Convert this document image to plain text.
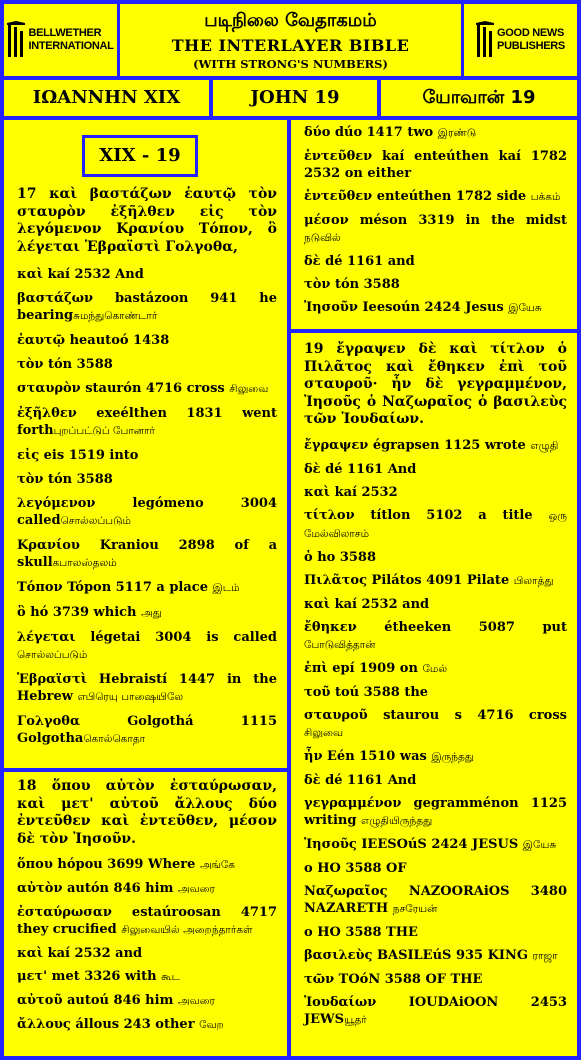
BELLWETHER
INTERNATIONAL
படிநிலை வேதாகமம்
THE INTERLAYER BIBLE
(WITH STRONG'S NUMBERS)
GOOD NEWS
PUBLISHERS
ΙΩΑΝΝΗΝ XIX	JOHN 19	யோவான் 19
XIX - 19
17 καὶ βαστάζων ἑαυτῷ τὸν σταυρὸν ἐξῆλθεν εἰς τὸν λεγόμενον Κρανίου Τόπον, ὃ λέγεται Ἑβραϊστὶ Γολγοθα,
καὶ kaí 2532 And
βαστάζων bastázoon 941 he bearingசுமந்துகொண்டார்
ἑαυτῷ heautoó 1438
τὸν tón 3588
σταυρὸν staurón 4716 cross சிலுவை
ἐξῆλθεν exeélthen 1831 went forthபுறப்பட்டுப் போனார்
εἰς eis 1519 into
τὸν tón 3588
λεγόμενον legómeno 3004 calledசொல்லப்படும்
Κρανίου Kraniou 2898 of a skullகபாலஸ்தலம்
Τόπον Tópon 5117 a place இடம்
ὃ hó 3739 which அது
λέγεται légetai 3004 is called சொல்லப்படும்
Ἑβραϊστὶ Hebraistí 1447 in the Hebrew எபிரெயு பாஷையிலே
Γολγοθα Golgothá 1115 Golgothaகொல்கொதா
18 ὅπου αὐτὸν ἐσταύρωσαν, καὶ μετ' αὐτοῦ ἄλλους δύο ἐντεῦθεν καὶ ἐντεῦθεν, μέσον δὲ τὸν Ἰησοῦν.
ὅπου hópou 3699 Where அங்கே
αὐτὸν autón 846 him அவரை
ἐσταύρωσαν estaúroosan 4717 they crucified சிலுவையில் அறைந்தார்கள்
καὶ kaí 2532 and
μετ' met 3326 with கூட
αὐτοῦ autoú 846 him அவரை
ἄλλους állous 243 other வேற
δύο dúo 1417 two இரண்டு
ἐντεῦθεν kaí enteúthen kaí 1782 2532 on either
ἐντεῦθεν enteúthen 1782 side பக்கம்
μέσον méson 3319 in the midst நடுவில்
δὲ dé 1161 and
τὸν tón 3588
Ἰησοῦν Ieesoún 2424 Jesus இயேசு
19 ἔγραψεν δὲ καὶ τίτλον ὁ Πιλᾶτος καὶ ἔθηκεν ἐπὶ τοῦ σταυροῦ· ἦν δὲ γεγραμμένον, Ἰησοῦς ὁ Ναζωραῖος ὁ βασιλεὺς τῶν Ἰουδαίων.
ἔγραψεν égrapsen 1125 wrote எழுதி
δὲ dé 1161 And
καὶ kaí 2532
τίτλον títlon 5102 a title ஒரு மேல்விலாசம்
ὁ ho 3588
Πιλᾶτος Pilátos 4091 Pilate பிலாத்து
καὶ kaí 2532 and
ἔθηκεν étheeken 5087 put போடுவித்தான்
ἐπὶ epí 1909 on மேல்
τοῦ toú 3588 the
σταυροῦ staurou s 4716 cross சிலுவை
ἦν Eén 1510 was இருந்தது
δὲ dé 1161 And
γεγραμμένον gegramménon 1125 writing எழுதியிருந்தது
Ἰησοῦς IEESOúS 2424 JESUS இயேசு
ο HO 3588 OF
Ναζωραῖος NAZOORAiOS 3480 NAZARETH நசரேயன்
ο HO 3588 THE
βασιλεὺς BASILEúS 935 KING ராஜா
τῶν TOóN 3588 OF THE
Ἰουδαίων IOUDAiOON 2453 JEWSயூதர்
